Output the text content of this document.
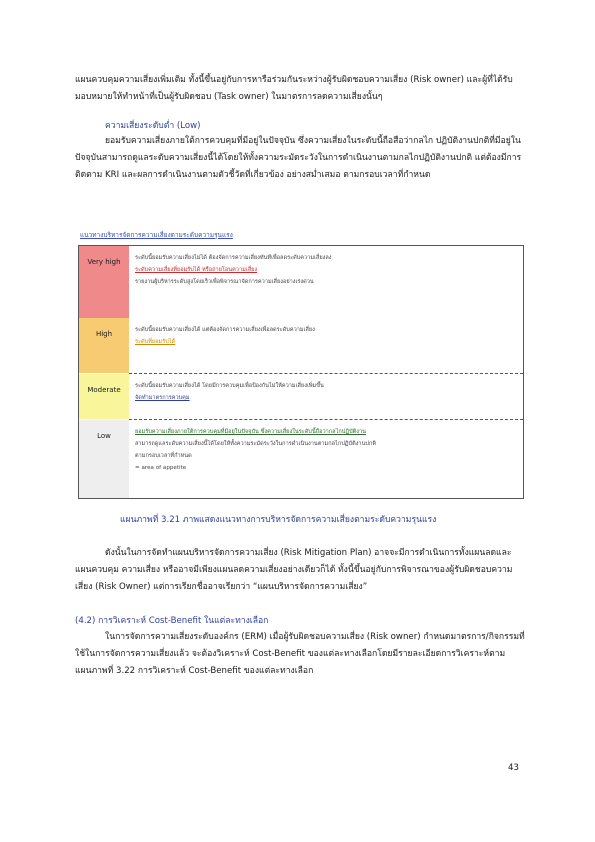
แผนควบคุมความเสี่ยงเพิ่มเติม ทั้งนี้ขึ้นอยู่กับการหารือร่วมกันระหว่างผู้รับผิดชอบความเสี่ยง (Risk owner) และผู้ที่ได้รับมอบหมายให้ทำหน้าที่เป็นผู้รับผิดชอบ (Task owner) ในมาตรการลดความเสี่ยงนั้นๆ

ความเสี่ยงระดับต่ำ (Low)

ยอมรับความเสี่ยงภายใต้การควบคุมที่มีอยู่ในปัจจุบัน ซึ่งความเสี่ยงในระดับนี้ถือสือว่ากลไก ปฏิบัติงานปกติที่มีอยู่ในปัจจุบันสามารถดูแลระดับความเสี่ยงนี้ได้โดยให้ทั้งความระมัดระวังในการดำเนินงานตามกลไกปฏิบัติงานปกติ แต่ต้องมีการติดตาม KRI และผลการดำเนินงานตามตัวชี้วัดที่เกี่ยวข้อง อย่างสม่ำเสมอ ตามกรอบเวลาที่กำหนด

แนวทางบริหารจัดการความเสี่ยงตามระดับความรุนแรง
Very high	ระดับนี้ยอมรับความเสี่ยงไม่ได้ ต้องจัดการความเสี่ยงทันทีเพื่อลดระดับความเสี่ยงลง
ระดับความเสี่ยงที่ยอมรับได้ หรือถ่ายโอนความเสี่ยง
รายงานผู้บริหารระดับสูงโดยเร็วเพื่อพิจารณาจัดการความเสี่ยงอย่างเร่งด่วน
High	ระดับนี้ยอมรับความเสี่ยงได้ แต่ต้องจัดการความเสี่ยงเพื่อลดระดับความเสี่ยง
ระดับที่ยอมรับได้
Moderate	ระดับนี้ยอมรับความเสี่ยงได้ โดยมีการควบคุมเพื่อป้องกันไม่ให้ความเสี่ยงเพิ่มขึ้น
จัดทำมาตรการควบคุม
Low	ยอมรับความเสี่ยงภายใต้การควบคุมที่มีอยู่ในปัจจุบัน ซึ่งความเสี่ยงในระดับนี้ถือว่ากลไกปฏิบัติงาน
สามารถดูแลระดับความเสี่ยงนี้ได้โดยให้ทั้งความระมัดระวังในการดำเนินงานตามกลไกปฏิบัติงานปกติ
ตามกรอบเวลาที่กำหนด
= area of appetite
แผนภาพที่ 3.21 ภาพแสดงแนวทางการบริหารจัดการความเสี่ยงตามระดับความรุนแรง

ดังนั้นในการจัดทำแผนบริหารจัดการความเสี่ยง (Risk Mitigation Plan) อาจจะมีการดำเนินการทั้งแผนลดและแผนควบคุม ความเสี่ยง หรืออาจมีเพียงแผนลดความเสี่ยงอย่างเดียวก็ได้ ทั้งนี้ขึ้นอยู่กับการพิจารณาของผู้รับผิดชอบความเสี่ยง (Risk Owner) แต่การเรียกชื่ออาจเรียกว่า “แผนบริหารจัดการความเสี่ยง”

(4.2) การวิเคราะห์ Cost-Benefit ในแต่ละทางเลือก

ในการจัดการความเสี่ยงระดับองค์กร (ERM) เมื่อผู้รับผิดชอบความเสี่ยง (Risk owner) กำหนดมาตรการ/กิจกรรมที่ใช้ในการจัดการความเสี่ยงแล้ว จะต้องวิเคราะห์ Cost-Benefit ของแต่ละทางเลือกโดยมีรายละเอียดการวิเคราะห์ตามแผนภาพที่ 3.22 การวิเคราะห์ Cost-Benefit ของแต่ละทางเลือก

43
